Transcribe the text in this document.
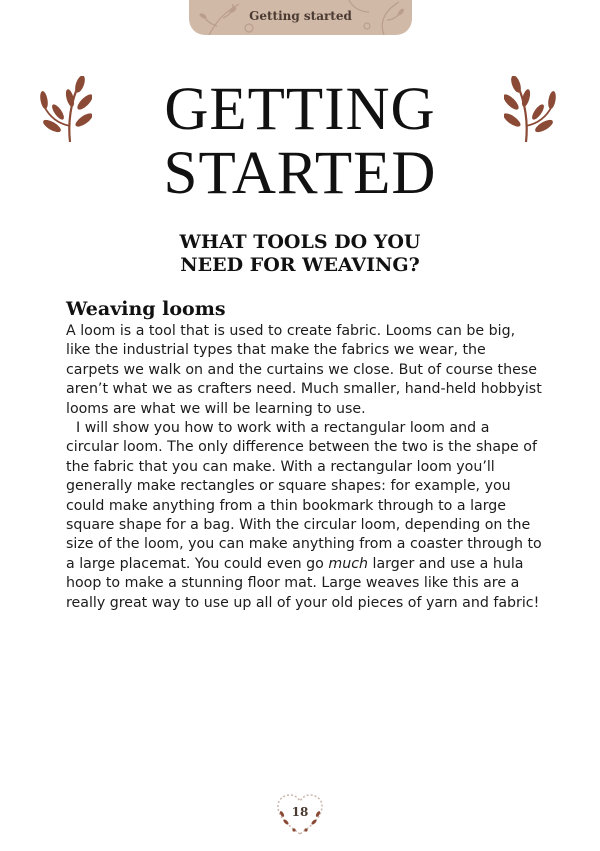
Getting started
GETTING
STARTED
WHAT TOOLS DO YOU
NEED FOR WEAVING?
Weaving looms

A loom is a tool that is used to create fabric. Looms can be big, like the industrial types that make the fabrics we wear, the carpets we walk on and the curtains we close. But of course these aren’t what we as crafters need. Much smaller, hand-held hobbyist looms are what we will be learning to use.

I will show you how to work with a rectangular loom and a circular loom. The only difference between the two is the shape of the fabric that you can make. With a rectangular loom you’ll generally make rectangles or square shapes: for example, you could make anything from a thin bookmark through to a large square shape for a bag. With the circular loom, depending on the size of the loom, you can make anything from a coaster through to a large placemat. You could even go much larger and use a hula hoop to make a stunning floor mat. Large weaves like this are a really great way to use up all of your old pieces of yarn and fabric!

18
